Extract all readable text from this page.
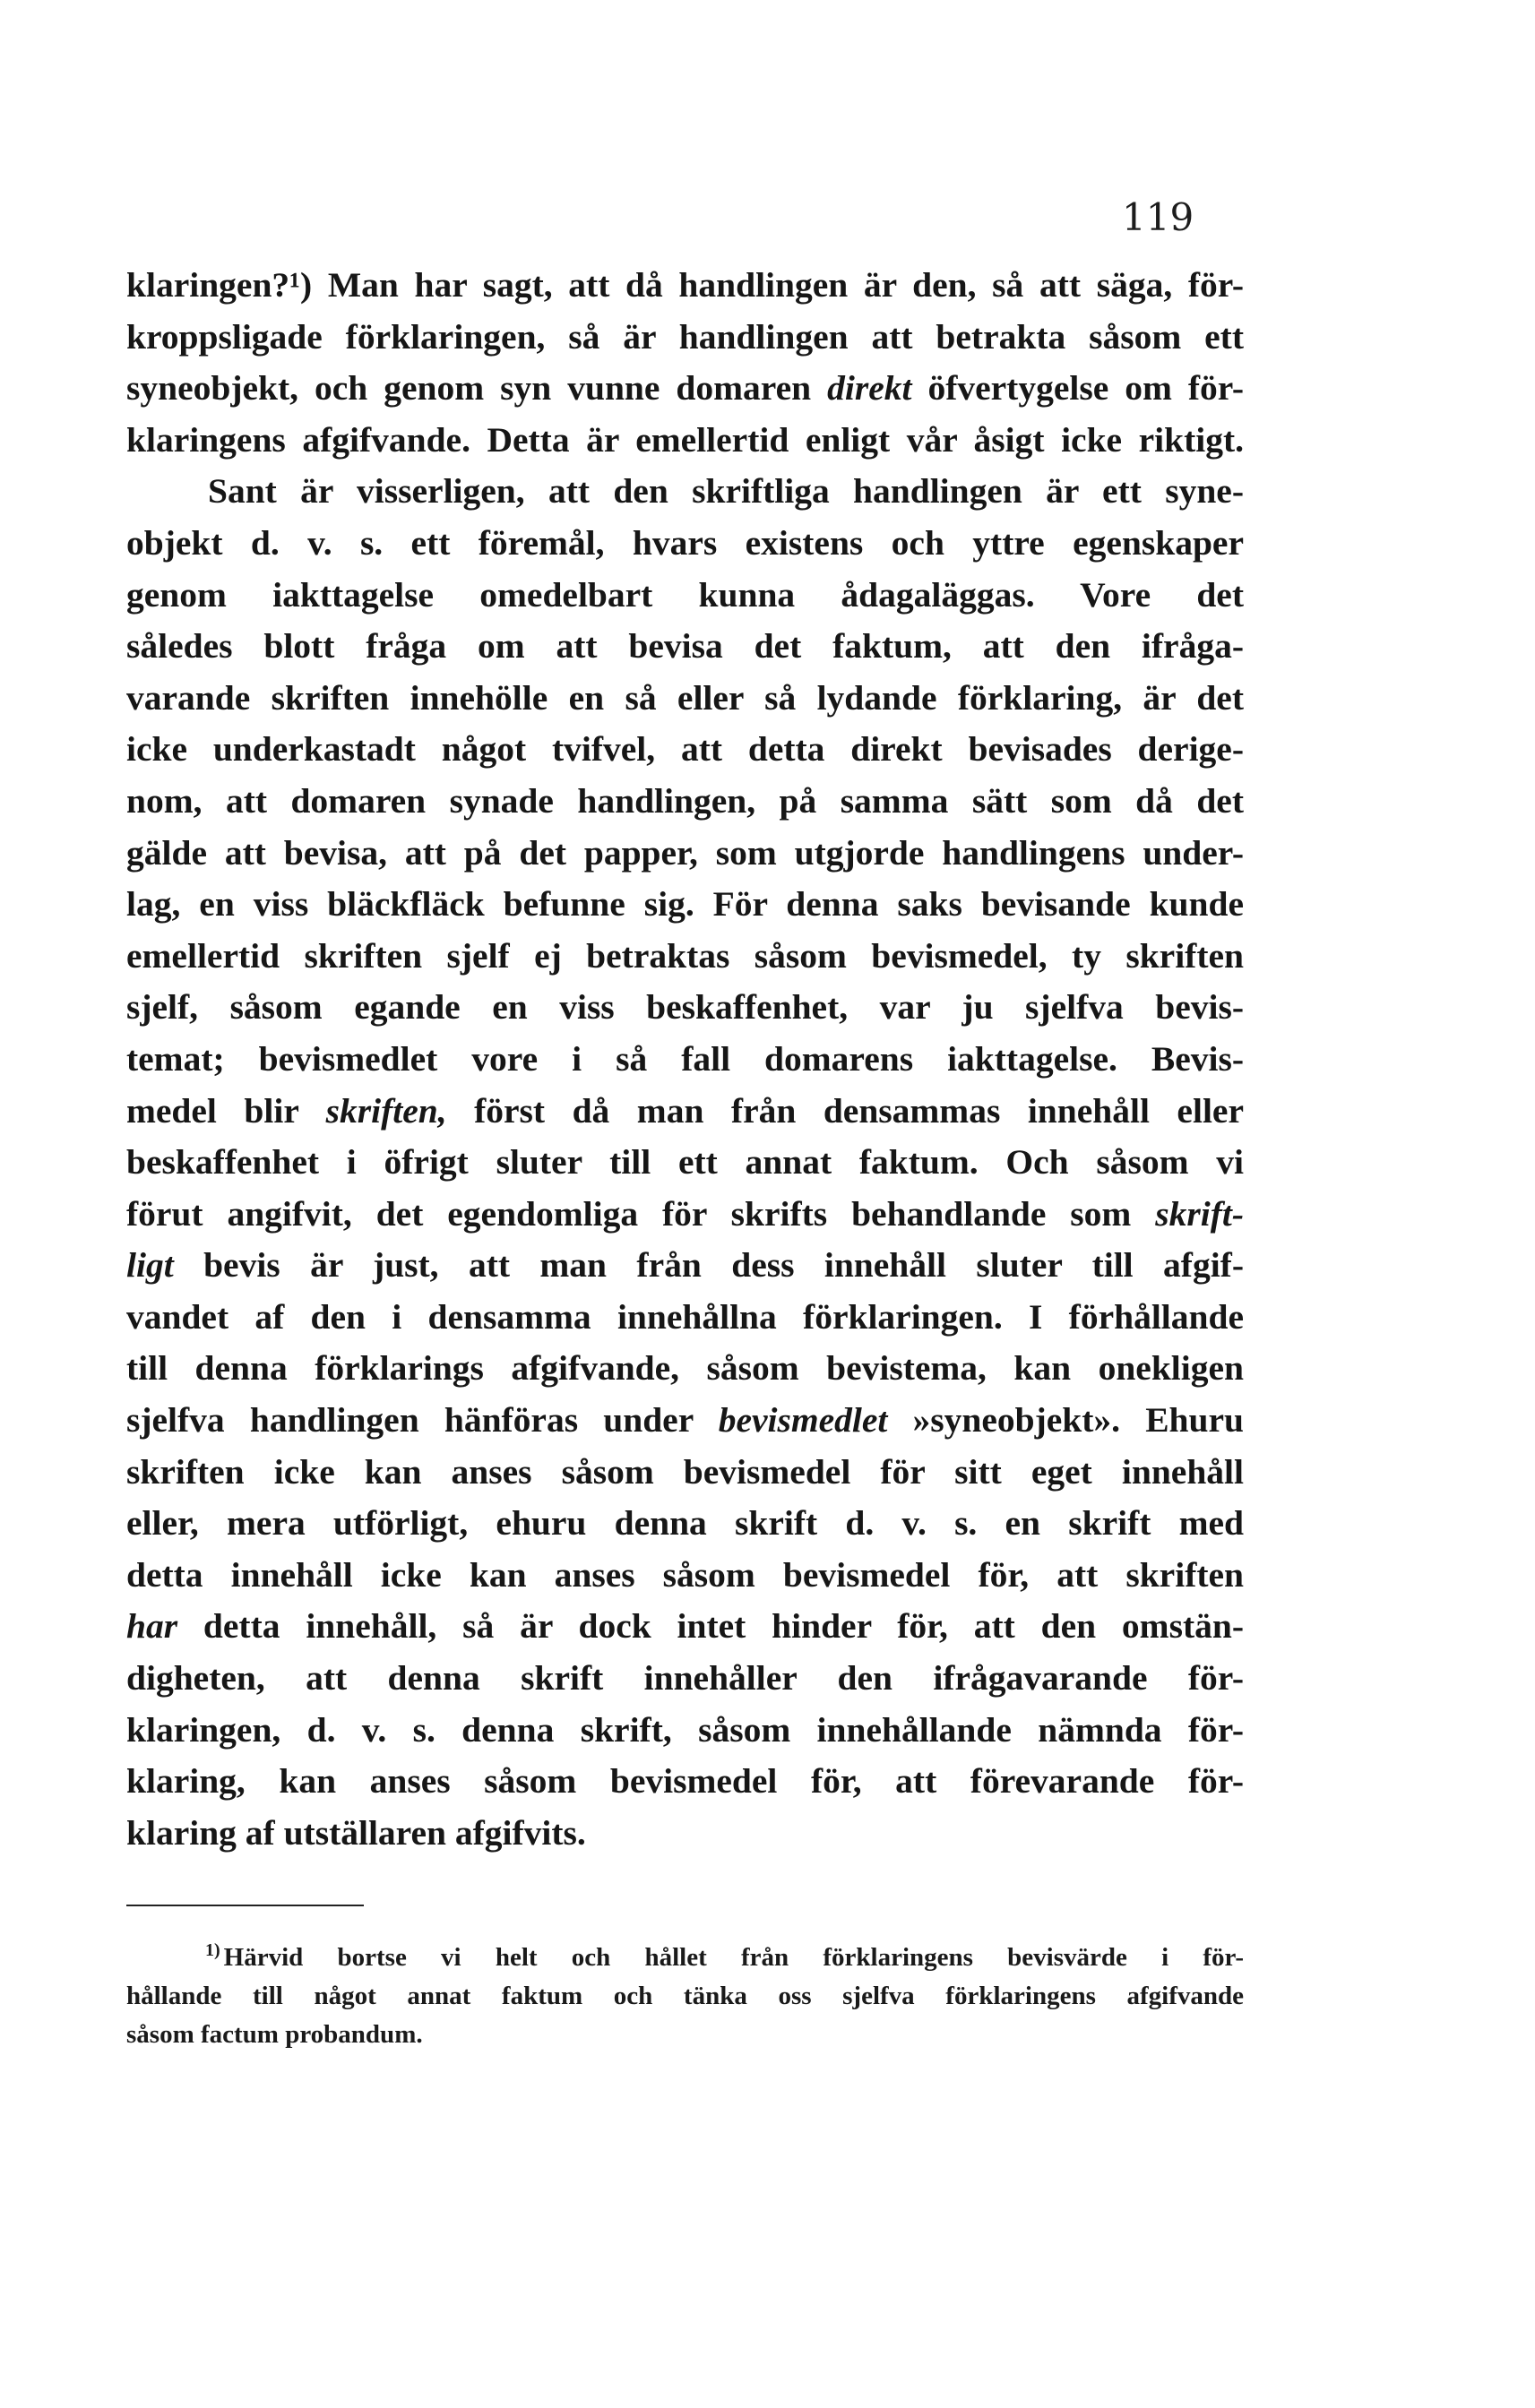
119
klaringen?¹) Man har sagt, att då handlingen är den, så att säga, för-
kroppsligade förklaringen, så är handlingen att betrakta såsom ett
syneobjekt, och genom syn vunne domaren direkt öfvertygelse om för-
klaringens afgifvande. Detta är emellertid enligt vår åsigt icke riktigt.
Sant är visserligen, att den skriftliga handlingen är ett syne-
objekt d. v. s. ett föremål, hvars existens och yttre egenskaper
genom iakttagelse omedelbart kunna ådagaläggas. Vore det
således blott fråga om att bevisa det faktum, att den ifråga-
varande skriften innehölle en så eller så lydande förklaring, är det
icke underkastadt något tvifvel, att detta direkt bevisades derige-
nom, att domaren synade handlingen, på samma sätt som då det
gälde att bevisa, att på det papper, som utgjorde handlingens under-
lag, en viss bläckfläck befunne sig. För denna saks bevisande kunde
emellertid skriften sjelf ej betraktas såsom bevismedel, ty skriften
sjelf, såsom egande en viss beskaffenhet, var ju sjelfva bevis-
temat; bevismedlet vore i så fall domarens iakttagelse. Bevis-
medel blir skriften, först då man från densammas innehåll eller
beskaffenhet i öfrigt sluter till ett annat faktum. Och såsom vi
förut angifvit, det egendomliga för skrifts behandlande som skrift-
ligt bevis är just, att man från dess innehåll sluter till afgif-
vandet af den i densamma innehållna förklaringen. I förhållande
till denna förklarings afgifvande, såsom bevistema, kan onekligen
sjelfva handlingen hänföras under bevismedlet »syneobjekt». Ehuru
skriften icke kan anses såsom bevismedel för sitt eget innehåll
eller, mera utförligt, ehuru denna skrift d. v. s. en skrift med
detta innehåll icke kan anses såsom bevismedel för, att skriften
har detta innehåll, så är dock intet hinder för, att den omstän-
digheten, att denna skrift innehåller den ifrågavarande för-
klaringen, d. v. s. denna skrift, såsom innehållande nämnda för-
klaring, kan anses såsom bevismedel för, att förevarande för-
klaring af utställaren afgifvits.
$^{1)}$ Härvid bortse vi helt och hållet från förklaringens bevisvärde i för-
hållande till något annat faktum och tänka oss sjelfva förklaringens afgifvande
såsom factum probandum.
